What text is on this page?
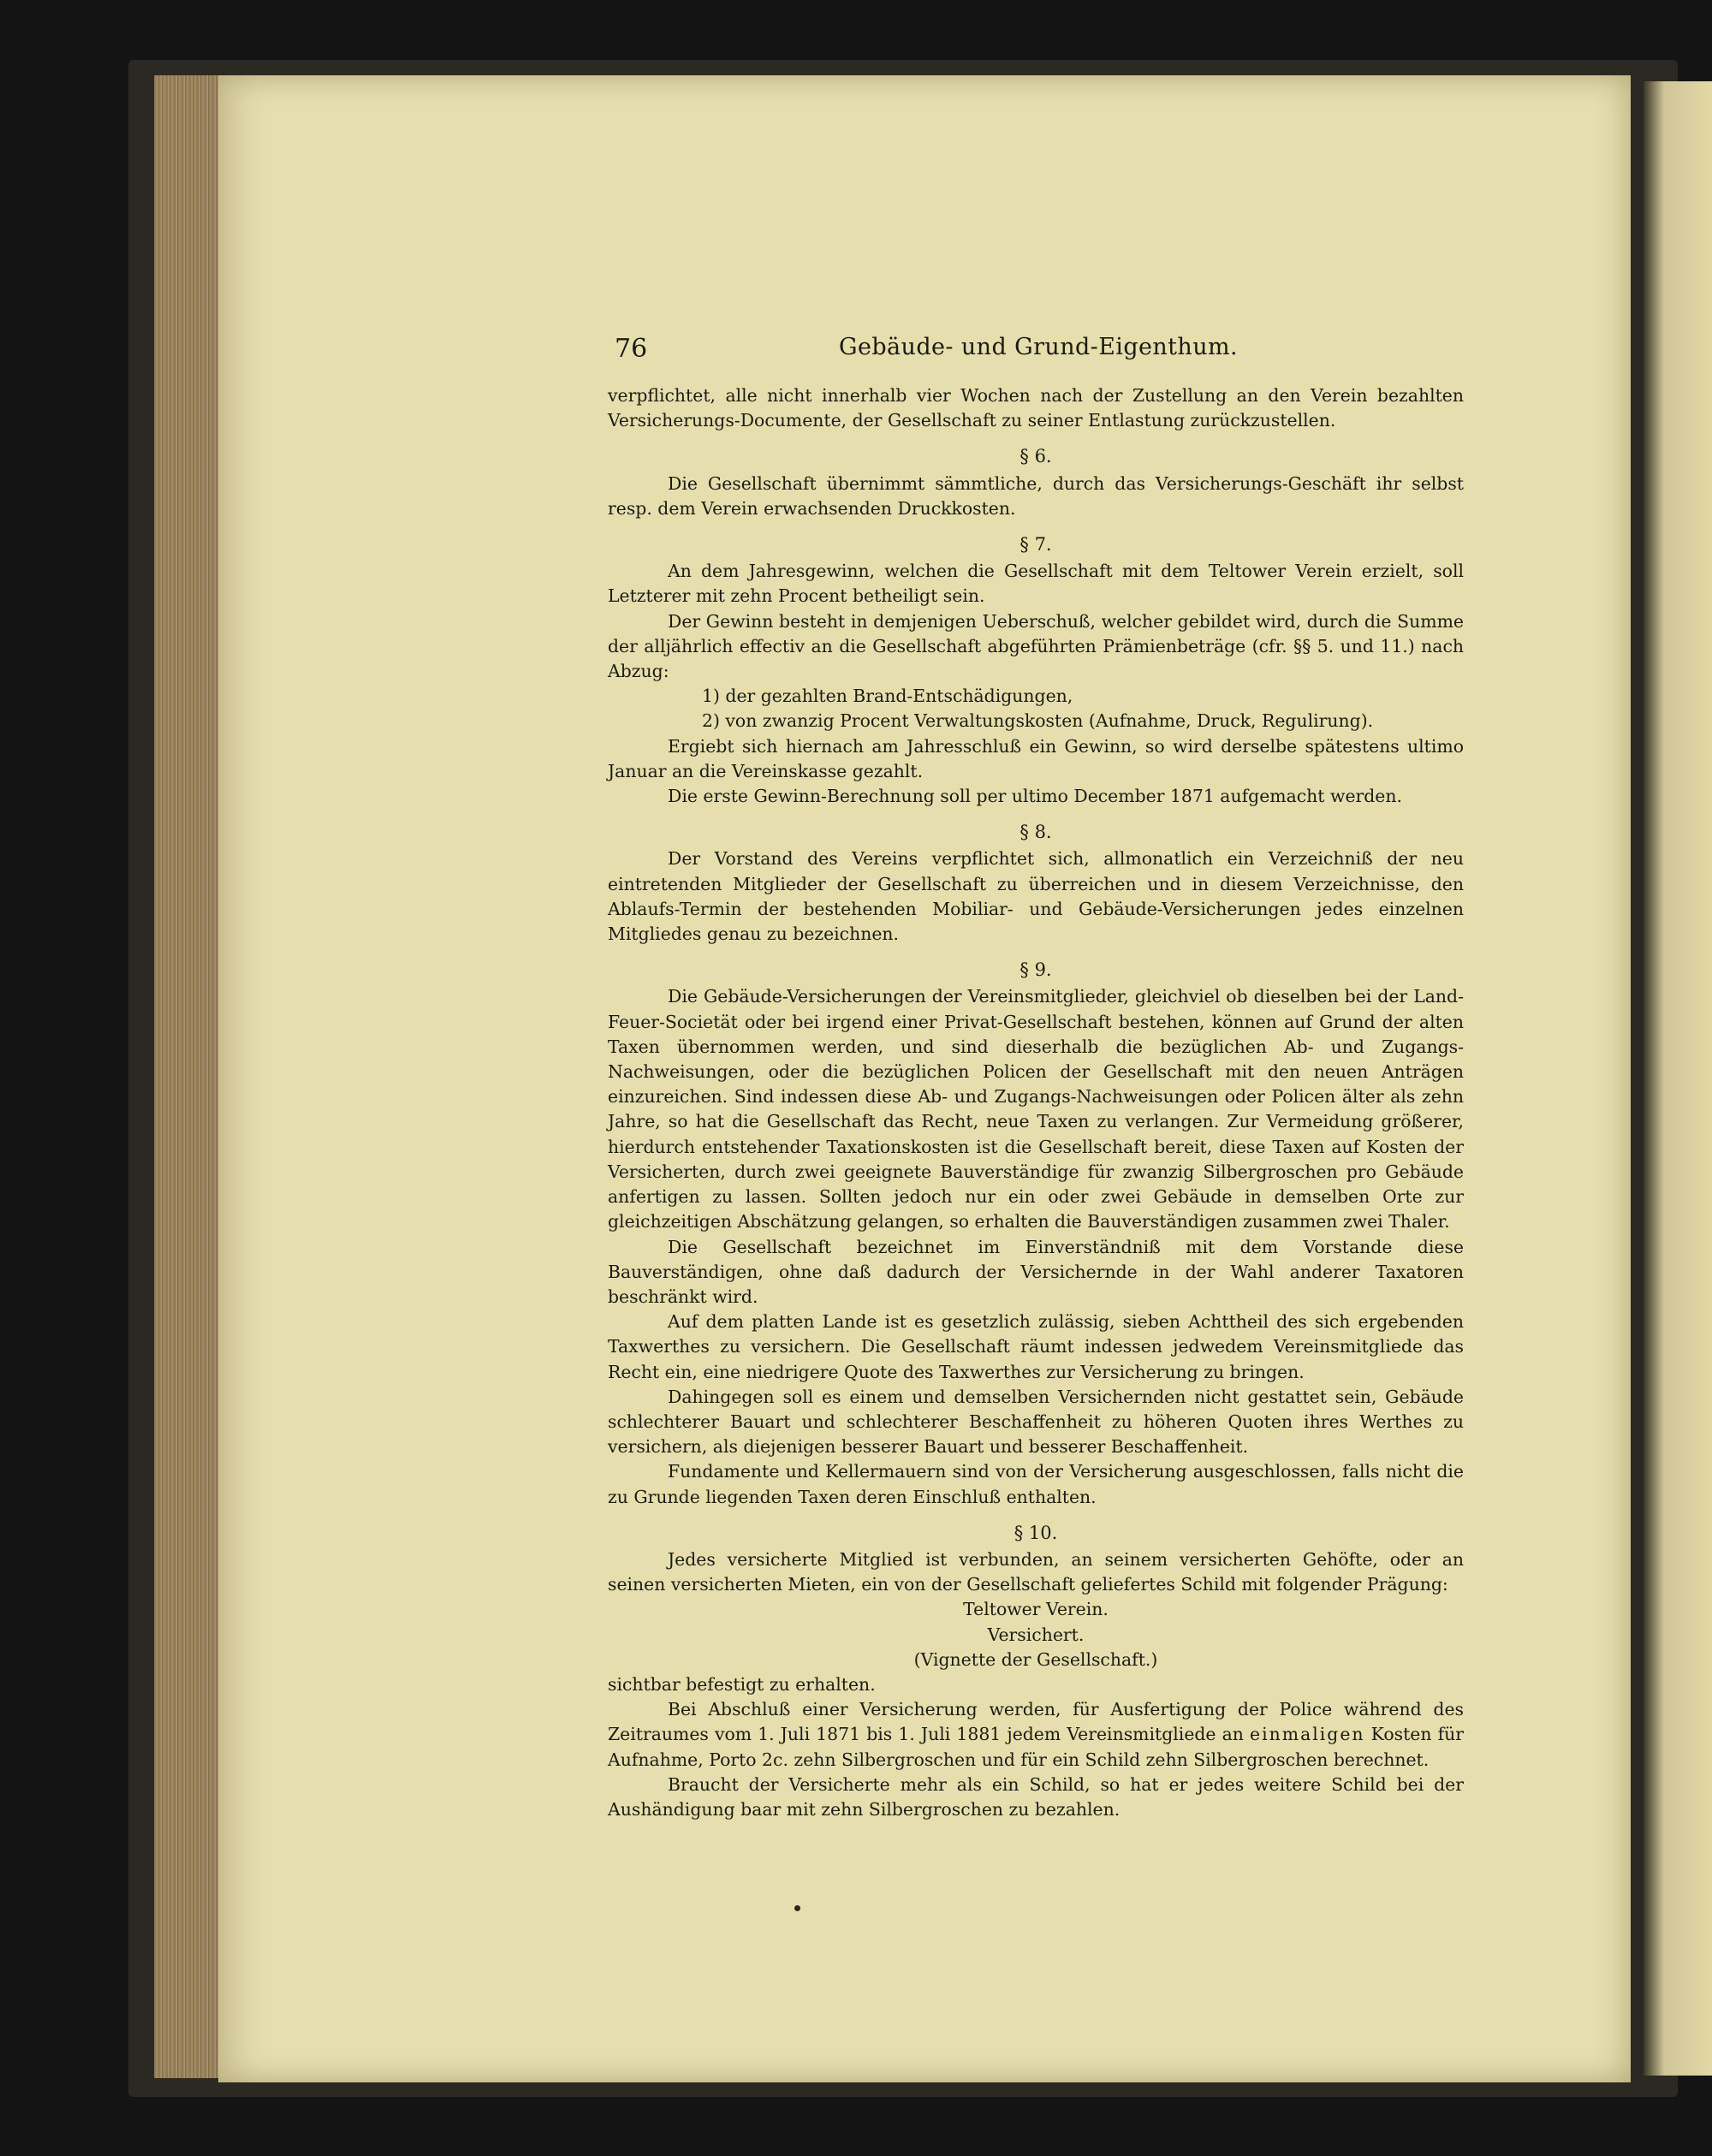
76	Gebäude- und Grund-Eigenthum.

verpflichtet, alle nicht innerhalb vier Wochen nach der Zustellung an den Verein bezahlten Versicherungs-Documente, der Gesellschaft zu seiner Entlastung zurückzustellen.

§ 6.

Die Gesellschaft übernimmt sämmtliche, durch das Versicherungs-Geschäft ihr selbst resp. dem Verein erwachsenden Druckkosten.

§ 7.

An dem Jahresgewinn, welchen die Gesellschaft mit dem Teltower Verein erzielt, soll Letzterer mit zehn Procent betheiligt sein.

Der Gewinn besteht in demjenigen Ueberschuß, welcher gebildet wird, durch die Summe der alljährlich effectiv an die Gesellschaft abgeführten Prämienbeträge (cfr. §§ 5. und 11.) nach Abzug:

1) der gezahlten Brand-Entschädigungen,

2) von zwanzig Procent Verwaltungskosten (Aufnahme, Druck, Regulirung).

Ergiebt sich hiernach am Jahresschluß ein Gewinn, so wird derselbe spätestens ultimo Januar an die Vereinskasse gezahlt.

Die erste Gewinn-Berechnung soll per ultimo December 1871 aufgemacht werden.

§ 8.

Der Vorstand des Vereins verpflichtet sich, allmonatlich ein Verzeichniß der neu eintretenden Mitglieder der Gesellschaft zu überreichen und in diesem Verzeichnisse, den Ablaufs-Termin der bestehenden Mobiliar- und Gebäude-Versicherungen jedes einzelnen Mitgliedes genau zu bezeichnen.

§ 9.

Die Gebäude-Versicherungen der Vereinsmitglieder, gleichviel ob dieselben bei der Land-Feuer-Societät oder bei irgend einer Privat-Gesellschaft bestehen, können auf Grund der alten Taxen übernommen werden, und sind dieserhalb die bezüglichen Ab- und Zugangs-Nachweisungen, oder die bezüglichen Policen der Gesellschaft mit den neuen Anträgen einzureichen. Sind indessen diese Ab- und Zugangs-Nachweisungen oder Policen älter als zehn Jahre, so hat die Gesellschaft das Recht, neue Taxen zu verlangen. Zur Vermeidung größerer, hierdurch entstehender Taxationskosten ist die Gesellschaft bereit, diese Taxen auf Kosten der Versicherten, durch zwei geeignete Bauverständige für zwanzig Silbergroschen pro Gebäude anfertigen zu lassen. Sollten jedoch nur ein oder zwei Gebäude in demselben Orte zur gleichzeitigen Abschätzung gelangen, so erhalten die Bauverständigen zusammen zwei Thaler.

Die Gesellschaft bezeichnet im Einverständniß mit dem Vorstande diese Bauverständigen, ohne daß dadurch der Versichernde in der Wahl anderer Taxatoren beschränkt wird.

Auf dem platten Lande ist es gesetzlich zulässig, sieben Achttheil des sich ergebenden Taxwerthes zu versichern. Die Gesellschaft räumt indessen jedwedem Vereinsmitgliede das Recht ein, eine niedrigere Quote des Taxwerthes zur Versicherung zu bringen.

Dahingegen soll es einem und demselben Versichernden nicht gestattet sein, Gebäude schlechterer Bauart und schlechterer Beschaffenheit zu höheren Quoten ihres Werthes zu versichern, als diejenigen besserer Bauart und besserer Beschaffenheit.

Fundamente und Kellermauern sind von der Versicherung ausgeschlossen, falls nicht die zu Grunde liegenden Taxen deren Einschluß enthalten.

§ 10.

Jedes versicherte Mitglied ist verbunden, an seinem versicherten Gehöfte, oder an seinen versicherten Mieten, ein von der Gesellschaft geliefertes Schild mit folgender Prägung:

Teltower Verein.

Versichert.

(Vignette der Gesellschaft.)

sichtbar befestigt zu erhalten.

Bei Abschluß einer Versicherung werden, für Ausfertigung der Police während des Zeitraumes vom 1. Juli 1871 bis 1. Juli 1881 jedem Vereinsmitgliede an einmaligen Kosten für Aufnahme, Porto 2c. zehn Silbergroschen und für ein Schild zehn Silbergroschen berechnet.

Braucht der Versicherte mehr als ein Schild, so hat er jedes weitere Schild bei der Aushändigung baar mit zehn Silbergroschen zu bezahlen.
